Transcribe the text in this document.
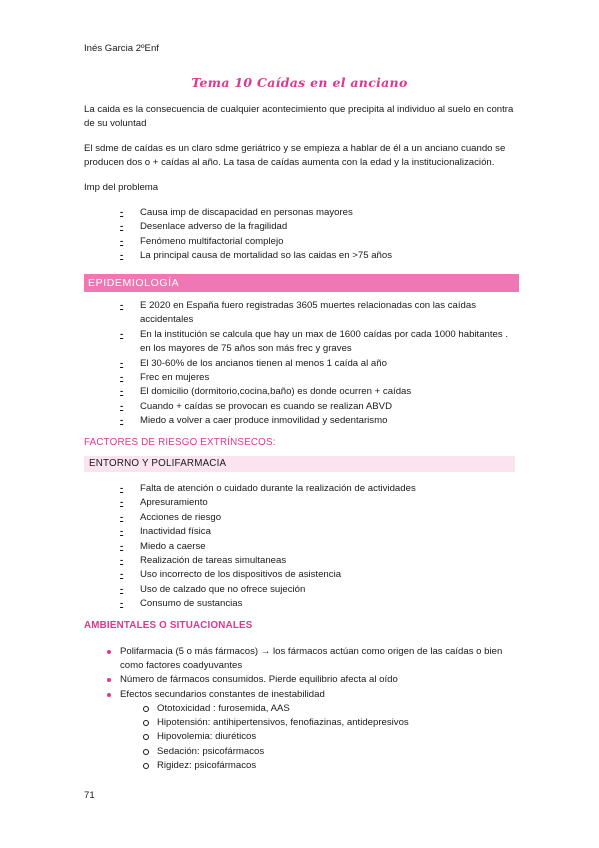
Inés Garcia 2ºEnf
Tema 10 Caídas en el anciano
La caida es la consecuencia de cualquier acontecimiento que precipita al individuo al suelo en contra de su voluntad
El sdme de caídas es un claro sdme geriátrico y se empieza a hablar de él a un anciano cuando se producen dos o + caídas al año. La tasa de caídas aumenta con la edad y la institucionalización.
Imp del problema
- Causa imp de discapacidad en personas mayores
- Desenlace adverso de la fragilidad
- Fenómeno multifactorial complejo
- La principal causa de mortalidad so las caidas en >75 años
EPIDEMIOLOGÍA
- E 2020 en España fuero registradas 3605 muertes relacionadas con las caídas accidentales
- En la institución se calcula que hay un max de 1600 caídas por cada 1000 habitantes . en los mayores de 75 años son más frec y graves
- El 30-60% de los ancianos tienen al menos 1 caída al año
- Frec en mujeres
- El domicilio (dormitorio,cocina,baño) es donde ocurren + caídas
- Cuando + caídas se provocan es cuando se realizan ABVD
- Miedo a volver a caer produce inmovilidad y sedentarismo
FACTORES DE RIESGO EXTRÍNSECOS:
ENTORNO Y POLIFARMACIA
- Falta de atención o cuidado durante la realización de actividades
- Apresuramiento
- Acciones de riesgo
- Inactividad física
- Miedo a caerse
- Realización de tareas simultaneas
- Uso incorrecto de los dispositivos de asistencia
- Uso de calzado que no ofrece sujeción
- Consumo de sustancias
AMBIENTALES O SITUACIONALES
Polifarmacia (5 o más fármacos) → los fármacos actúan como origen de las caídas o bien como factores coadyuvantes
Número de fármacos consumidos. Pierde equilibrio afecta al oído
Efectos secundarios constantes de inestabilidad
Ototoxicidad : furosemida, AAS
Hipotensión: antihipertensivos, fenofiazinas, antidepresivos
Hipovolemia: diuréticos
Sedación: psicofármacos
Rigidez: psicofármacos
71
